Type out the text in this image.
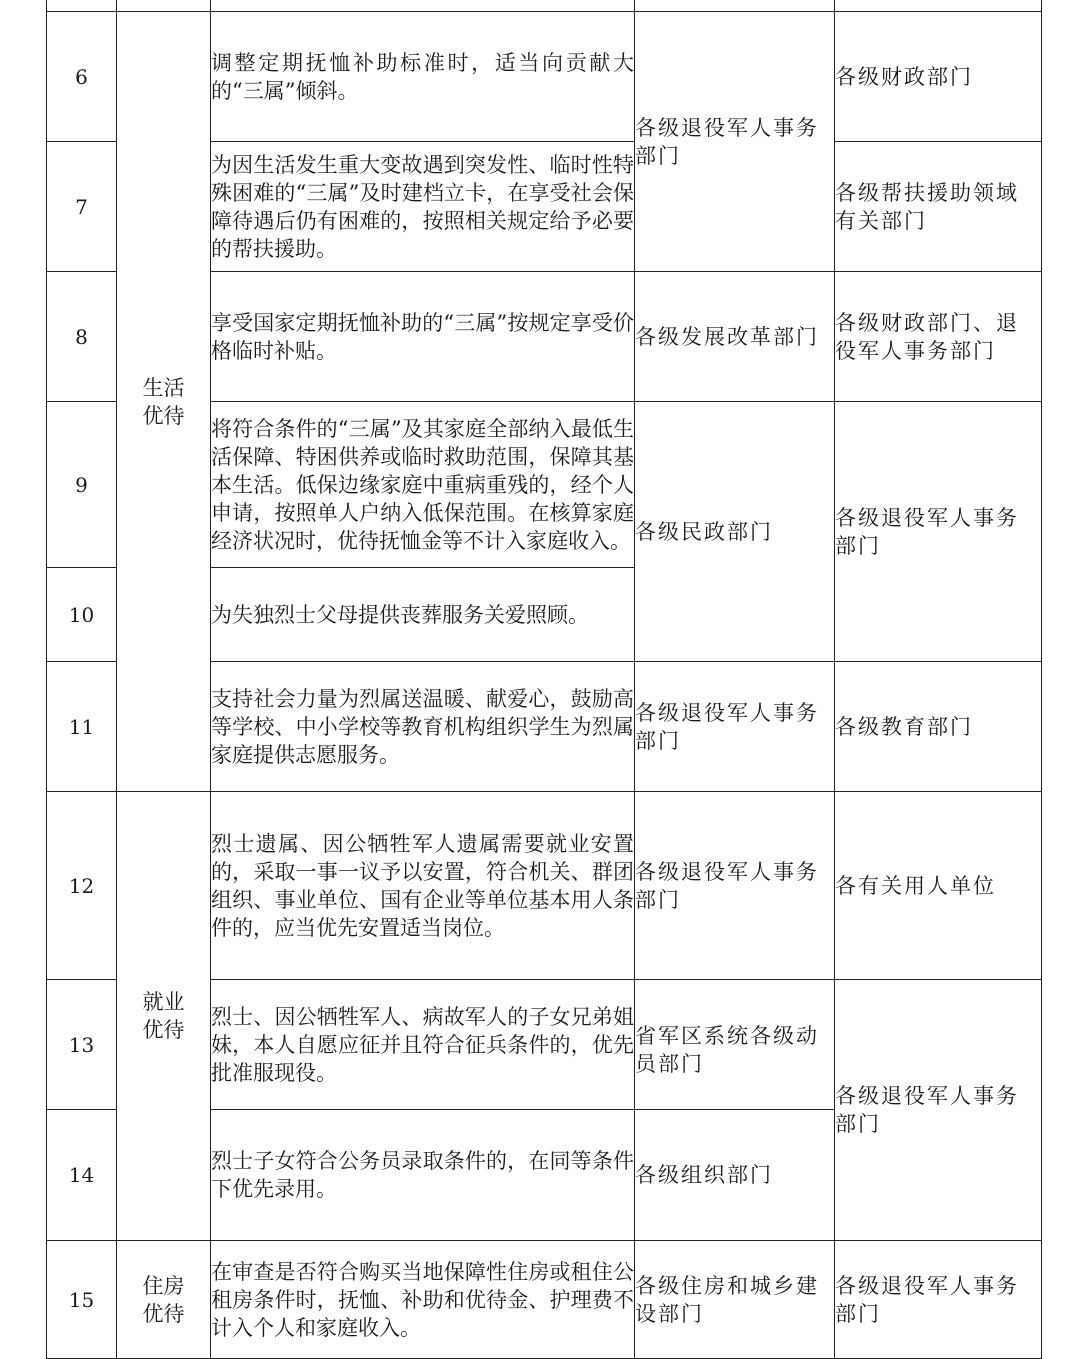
6	生活优待	调整定期抚恤补助标准时，适当向贡献大的“三属”倾斜。	各级退役军人事务部门	各级财政部门
7		为因生活发生重大变故遇到突发性、临时性特殊困难的“三属”及时建档立卡，在享受社会保障待遇后仍有困难的，按照相关规定给予必要的帮扶援助。		各级帮扶援助领域有关部门
8		享受国家定期抚恤补助的“三属”按规定享受价格临时补贴。	各级发展改革部门	各级财政部门、退役军人事务部门
9		将符合条件的“三属”及其家庭全部纳入最低生活保障、特困供养或临时救助范围，保障其基本生活。低保边缘家庭中重病重残的，经个人申请，按照单人户纳入低保范围。在核算家庭经济状况时，优待抚恤金等不计入家庭收入。	各级民政部门	各级退役军人事务部门
10		为失独烈士父母提供丧葬服务关爱照顾。		
11		支持社会力量为烈属送温暖、献爱心，鼓励高等学校、中小学校等教育机构组织学生为烈属家庭提供志愿服务。	各级退役军人事务部门	各级教育部门
12	就业优待	烈士遗属、因公牺牲军人遗属需要就业安置的，采取一事一议予以安置，符合机关、群团组织、事业单位、国有企业等单位基本用人条件的，应当优先安置适当岗位。	各级退役军人事务部门	各有关用人单位
13		烈士、因公牺牲军人、病故军人的子女兄弟姐妹，本人自愿应征并且符合征兵条件的，优先批准服现役。	省军区系统各级动员部门	各级退役军人事务部门
14		烈士子女符合公务员录取条件的，在同等条件下优先录用。	各级组织部门	
15	住房优待	在审查是否符合购买当地保障性住房或租住公租房条件时，抚恤、补助和优待金、护理费不计入个人和家庭收入。	各级住房和城乡建设部门	各级退役军人事务部门
